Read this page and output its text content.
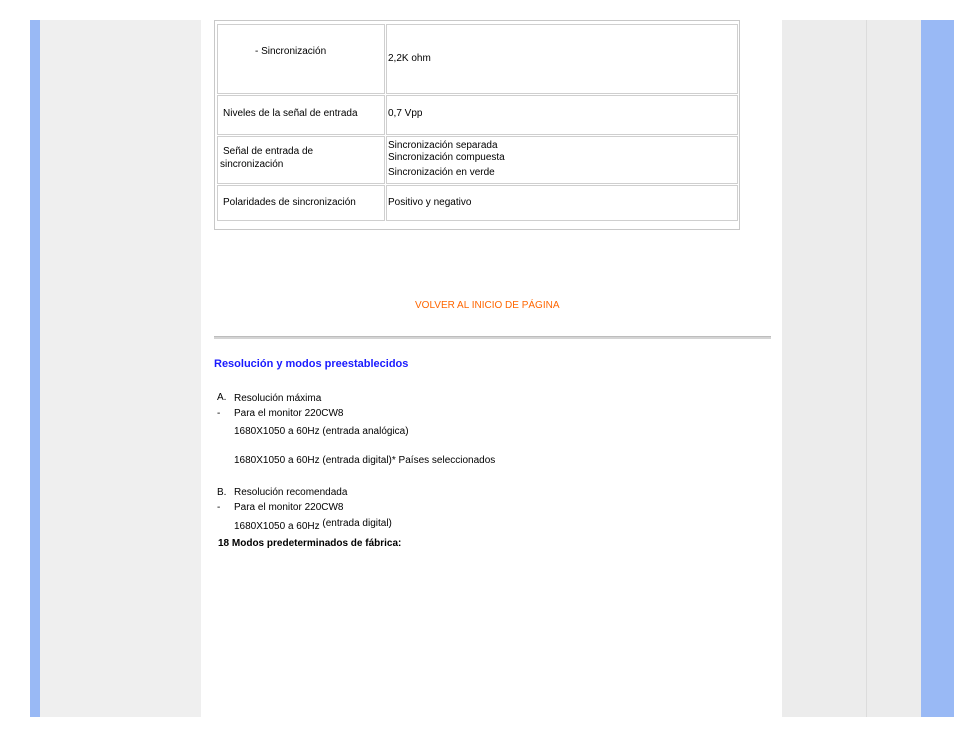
- Sincronización
2,2K ohm
Niveles de la señal de entrada	0,7 Vpp
Señal de entrada de
sincronización
Sincronización separada
Sincronización compuesta
Sincronización en verde
Polaridades de sincronización	Positivo y negativo
VOLVER AL INICIO DE PÁGINA
Resolución y modos preestablecidos
A. Resolución máxima
- Para el monitor 220CW8
1680X1050 a 60Hz (entrada analógica)
1680X1050 a 60Hz (entrada digital)* Países seleccionados
B. Resolución recomendada
- Para el monitor 220CW8
1680X1050 a 60Hz (entrada digital)
18 Modos predeterminados de fábrica:
